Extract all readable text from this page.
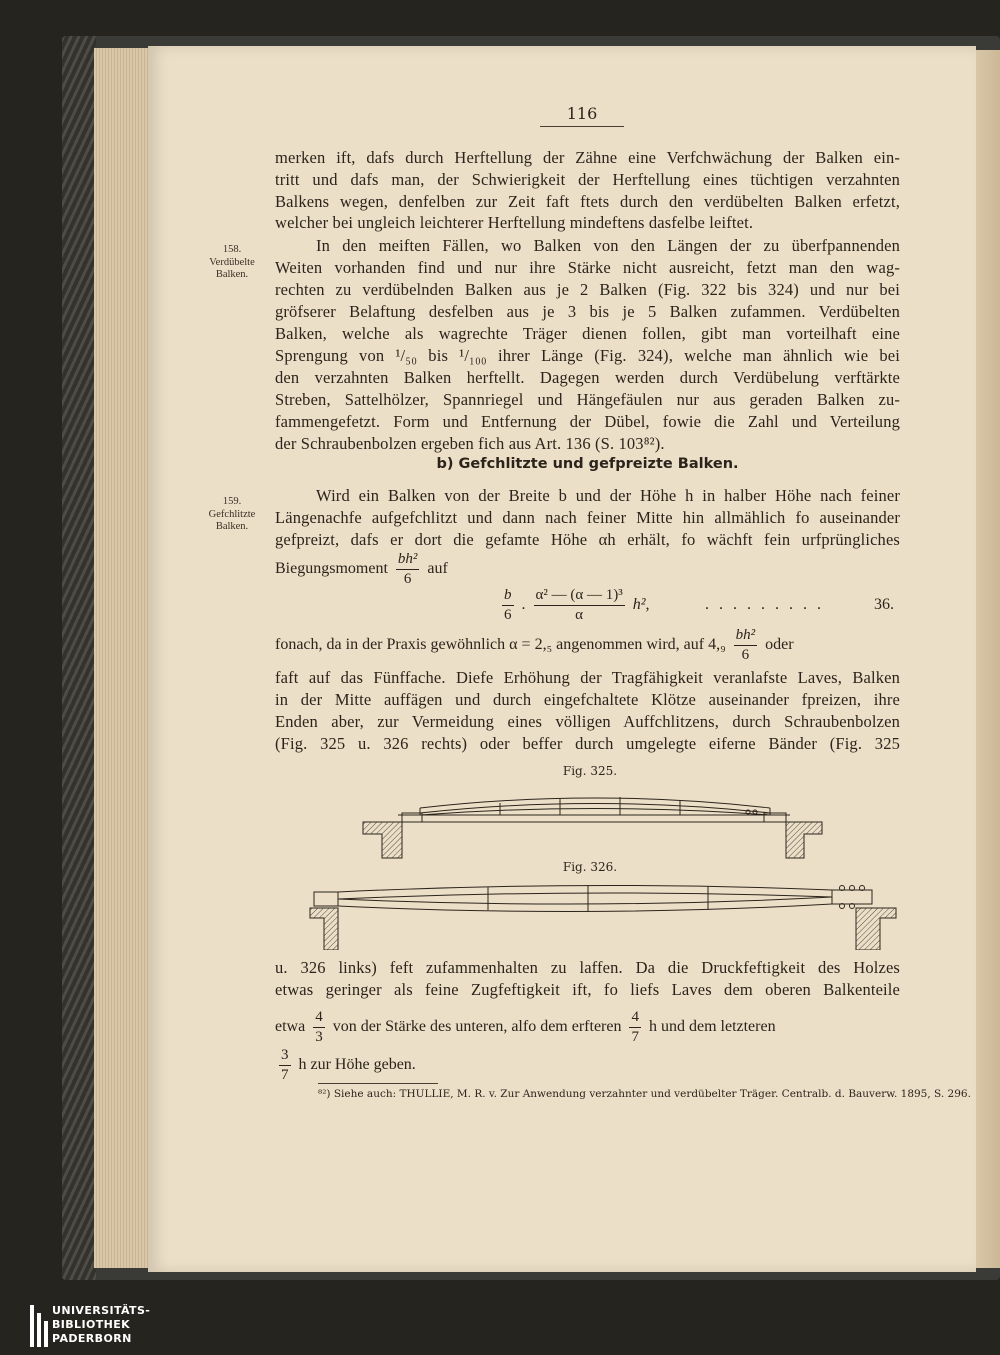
116
158.
Verdübelte
Balken.
159.
Gefchlitzte
Balken.
merken ift, dafs durch Herftellung der Zähne eine Verfchwächung der Balken ein-
tritt und dafs man, der Schwierigkeit der Herftellung eines tüchtigen verzahnten
Balkens wegen, denfelben zur Zeit faft ftets durch den verdübelten Balken erfetzt,
welcher bei ungleich leichterer Herftellung mindeftens dasfelbe leiftet.
In den meiften Fällen, wo Balken von den Längen der zu überfpannenden
Weiten vorhanden find und nur ihre Stärke nicht ausreicht, fetzt man den wag-
rechten zu verdübelnden Balken aus je 2 Balken (Fig. 322 bis 324) und nur bei
gröfserer Belaftung desfelben aus je 3 bis je 5 Balken zufammen. Verdübelten
Balken, welche als wagrechte Träger dienen follen, gibt man vorteilhaft eine
Sprengung von ¹/₅₀ bis ¹/₁₀₀ ihrer Länge (Fig. 324), welche man ähnlich wie bei
den verzahnten Balken herftellt. Dagegen werden durch Verdübelung verftärkte
Streben, Sattelhölzer, Spannriegel und Hängefäulen nur aus geraden Balken zu-
fammengefetzt. Form und Entfernung der Dübel, fowie die Zahl und Verteilung
der Schraubenbolzen ergeben fich aus Art. 136 (S. 103⁸²).
b) Gefchlitzte und gefpreizte Balken.
Wird ein Balken von der Breite b und der Höhe h in halber Höhe nach feiner
Längenachfe aufgefchlitzt und dann nach feiner Mitte hin allmählich fo auseinander
gefpreizt, dafs er dort die gefamte Höhe αh erhält, fo wächft fein urfprüngliches
Biegungsmoment $\frac{\text{bh²}}{6}$ auf
$\frac{b}{6}$ . $\frac{\text{α² — (α — 1)³}}{\alpha} h^2$,	. . . . . . . . .	36.
fonach, da in der Praxis gewöhnlich α = 2,₅ angenommen wird, auf $4,_9 \frac{\text{bh²}}{6}$ oder
faft auf das Fünffache. Diefe Erhöhung der Tragfähigkeit veranlafste Laves, Balken
in der Mitte auffägen und durch eingefchaltete Klötze auseinander fpreizen, ihre
Enden aber, zur Vermeidung eines völligen Auffchlitzens, durch Schraubenbolzen
(Fig. 325 u. 326 rechts) oder beffer durch umgelegte eiferne Bänder (Fig. 325
Fig. 325.
Fig. 326.
u. 326 links) feft zufammenhalten zu laffen. Da die Druckfeftigkeit des Holzes
etwas geringer als feine Zugfeftigkeit ift, fo liefs Laves dem oberen Balkenteile
etwa $\frac{4}{3}$ von der Stärke des unteren, alfo dem erfteren $\frac{4}{7}$ h und dem letzteren
$\frac{3}{7}$ h zur Höhe geben.
⁸²) Siehe auch: THULLIE, M. R. v. Zur Anwendung verzahnter und verdübelter Träger. Centralb. d. Bauverw. 1895, S. 296.
UNIVERSITÄTS-
BIBLIOTHEK
PADERBORN
